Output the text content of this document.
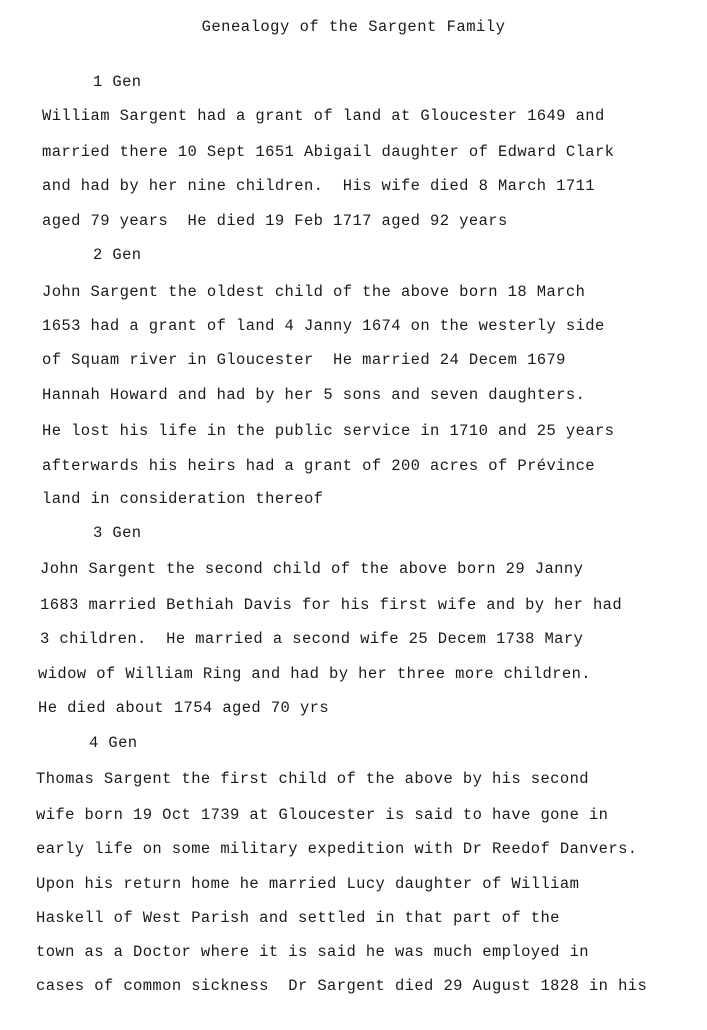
Genealogy of the Sargent Family
1 Gen
William Sargent had a grant of land at Gloucester 1649 and
married there 10 Sept 1651 Abigail daughter of Edward Clark
and had by her nine children.  His wife died 8 March 1711
aged 79 years  He died 19 Feb 1717 aged 92 years
2 Gen
John Sargent the oldest child of the above born 18 March
1653 had a grant of land 4 Janny 1674 on the westerly side
of Squam river in Gloucester  He married 24 Decem 1679
Hannah Howard and had by her 5 sons and seven daughters.
He lost his life in the public service in 1710 and 25 years
afterwards his heirs had a grant of 200 acres of Prévince
land in consideration thereof
3 Gen
John Sargent the second child of the above born 29 Janny
1683 married Bethiah Davis for his first wife and by her had
3 children.  He married a second wife 25 Decem 1738 Mary
widow of William Ring and had by her three more children.
He died about 1754 aged 70 yrs
4 Gen
Thomas Sargent the first child of the above by his second
wife born 19 Oct 1739 at Gloucester is said to have gone in
early life on some military expedition with Dr Reedof Danvers.
Upon his return home he married Lucy daughter of William
Haskell of West Parish and settled in that part of the
town as a Doctor where it is said he was much employed in
cases of common sickness  Dr Sargent died 29 August 1828 in his
